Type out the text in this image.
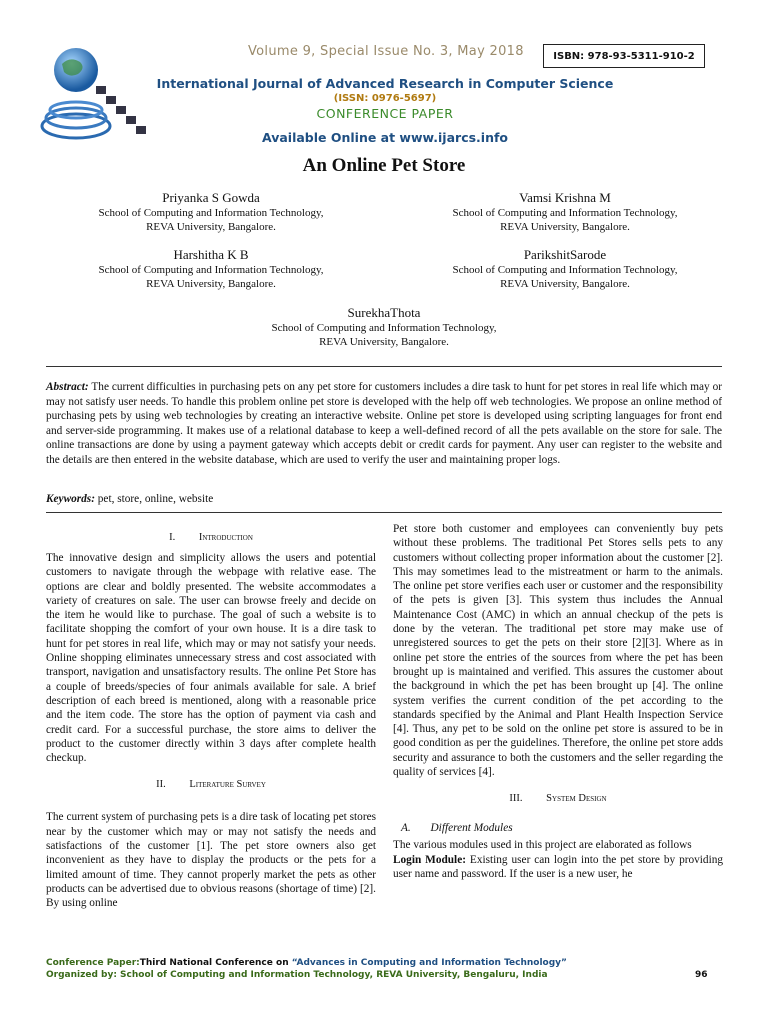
Volume 9, Special Issue No. 3, May 2018	ISBN: 978-93-5311-910-2
International Journal of Advanced Research in Computer Science
(ISSN: 0976-5697)
CONFERENCE PAPER
Available Online at www.ijarcs.info
An Online Pet Store
Priyanka S Gowda
School of Computing and Information Technology,
REVA University, Bangalore.
Vamsi Krishna M
School of Computing and Information Technology,
REVA University, Bangalore.
Harshitha K B
School of Computing and Information Technology,
REVA University, Bangalore.
ParikshitSarode
School of Computing and Information Technology,
REVA University, Bangalore.
SurekhaThota
School of Computing and Information Technology,
REVA University, Bangalore.
Abstract: The current difficulties in purchasing pets on any pet store for customers includes a dire task to hunt for pet stores in real life which may or may not satisfy user needs. To handle this problem online pet store is developed with the help off web technologies. We propose an online method of purchasing pets by using web technologies by creating an interactive website. Online pet store is developed using scripting languages for front end and server-side programming. It makes use of a relational database to keep a well-defined record of all the pets available on the store for sale. The online transactions are done by using a payment gateway which accepts debit or credit cards for payment. Any user can register to the website and the details are then entered in the website database, which are used to verify the user and maintaining proper logs.
Keywords: pet, store, online, website
I. Introduction
The innovative design and simplicity allows the users and potential customers to navigate through the webpage with relative ease. The options are clear and boldly presented. The website accommodates a variety of creatures on sale. The user can browse freely and decide on the item he would like to purchase. The goal of such a website is to facilitate shopping the comfort of your own house. It is a dire task to hunt for pet stores in real life, which may or may not satisfy your needs. Online shopping eliminates unnecessary stress and cost associated with transport, navigation and unsatisfactory results. The online Pet Store has a couple of breeds/species of four animals available for sale. A brief description of each breed is mentioned, along with a reasonable price and the item code. The store has the option of payment via cash and credit card. For a successful purchase, the store aims to deliver the product to the customer directly within 3 days after complete health checkup.
II. Literature Survey
The current system of purchasing pets is a dire task of locating pet stores near by the customer which may or may not satisfy the needs and satisfactions of the customer [1]. The pet store owners also get inconvenient as they have to display the products or the pets for a limited amount of time. They cannot properly market the pets as other products can be advertised due to obvious reasons (shortage of time) [2]. By using online
Pet store both customer and employees can conveniently buy pets without these problems. The traditional Pet Stores sells pets to any customers without collecting proper information about the customer [2]. This may sometimes lead to the mistreatment or harm to the animals. The online pet store verifies each user or customer and the responsibility of the pets is given [3]. This system thus includes the Annual Maintenance Cost (AMC) in which an annual checkup of the pets is done by the veteran. The traditional pet store may make use of unregistered sources to get the pets on their store [2][3]. Where as in online pet store the entries of the sources from where the pet has been brought up is maintained and verified. This assures the customer about the background in which the pet has been brought up [4]. The online system verifies the current condition of the pet according to the standards specified by the Animal and Plant Health Inspection Service [4]. Thus, any pet to be sold on the online pet store is assured to be in good condition as per the guidelines. Therefore, the online pet store adds security and assurance to both the customers and the seller regarding the quality of services [4].
III. System Design
A. Different Modules
The various modules used in this project are elaborated as follows
Login Module: Existing user can login into the pet store by providing user name and password. If the user is a new user, he
Conference Paper:Third National Conference on “Advances in Computing and Information Technology”
Organized by: School of Computing and Information Technology, REVA University, Bengaluru, India	96
